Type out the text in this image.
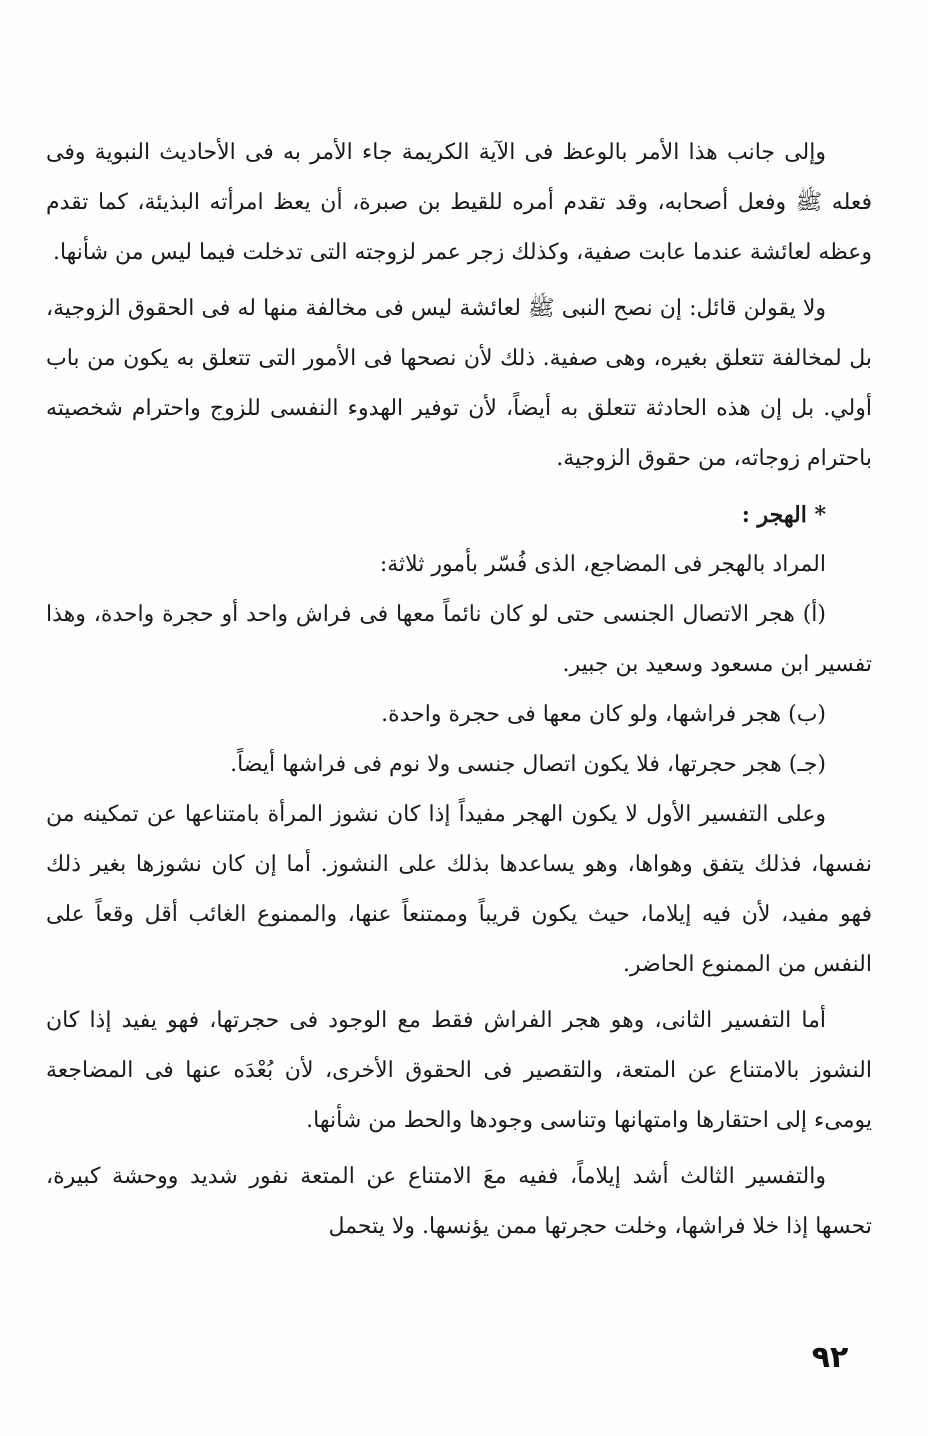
وإلى جانب هذا الأمر بالوعظ فى الآية الكريمة جاء الأمر به فى الأحاديث النبوية وفى فعله ﷺ وفعل أصحابه، وقد تقدم أمره للقيط بن صبرة، أن يعظ امرأته البذيئة، كما تقدم وعظه لعائشة عندما عابت صفية، وكذلك زجر عمر لزوجته التى تدخلت فيما ليس من شأنها.

ولا يقولن قائل: إن نصح النبى ﷺ لعائشة ليس فى مخالفة منها له فى الحقوق الزوجية، بل لمخالفة تتعلق بغيره، وهى صفية. ذلك لأن نصحها فى الأمور التى تتعلق به يكون من باب أولي. بل إن هذه الحادثة تتعلق به أيضاً، لأن توفير الهدوء النفسى للزوج واحترام شخصيته باحترام زوجاته، من حقوق الزوجية.

* الهجر :

المراد بالهجر فى المضاجع، الذى فُسّر بأمور ثلاثة:

(أ) هجر الاتصال الجنسى حتى لو كان نائماً معها فى فراش واحد أو حجرة واحدة، وهذا تفسير ابن مسعود وسعيد بن جبير.

(ب) هجر فراشها، ولو كان معها فى حجرة واحدة.

(جـ) هجر حجرتها، فلا يكون اتصال جنسى ولا نوم فى فراشها أيضاً.

وعلى التفسير الأول لا يكون الهجر مفيداً إذا كان نشوز المرأة بامتناعها عن تمكينه من نفسها، فذلك يتفق وهواها، وهو يساعدها بذلك على النشوز. أما إن كان نشوزها بغير ذلك فهو مفيد، لأن فيه إيلاما، حيث يكون قريباً وممتنعاً عنها، والممنوع الغائب أقل وقعاً على النفس من الممنوع الحاضر.

أما التفسير الثانى، وهو هجر الفراش فقط مع الوجود فى حجرتها، فهو يفيد إذا كان النشوز بالامتناع عن المتعة، والتقصير فى الحقوق الأخرى، لأن بُعْدَه عنها فى المضاجعة يومىء إلى احتقارها وامتهانها وتناسى وجودها والحط من شأنها.

والتفسير الثالث أشد إيلاماً، ففيه معَ الامتناع عن المتعة نفور شديد ووحشة كبيرة، تحسها إذا خلا فراشها، وخلت حجرتها ممن يؤنسها. ولا يتحمل

٩٢
